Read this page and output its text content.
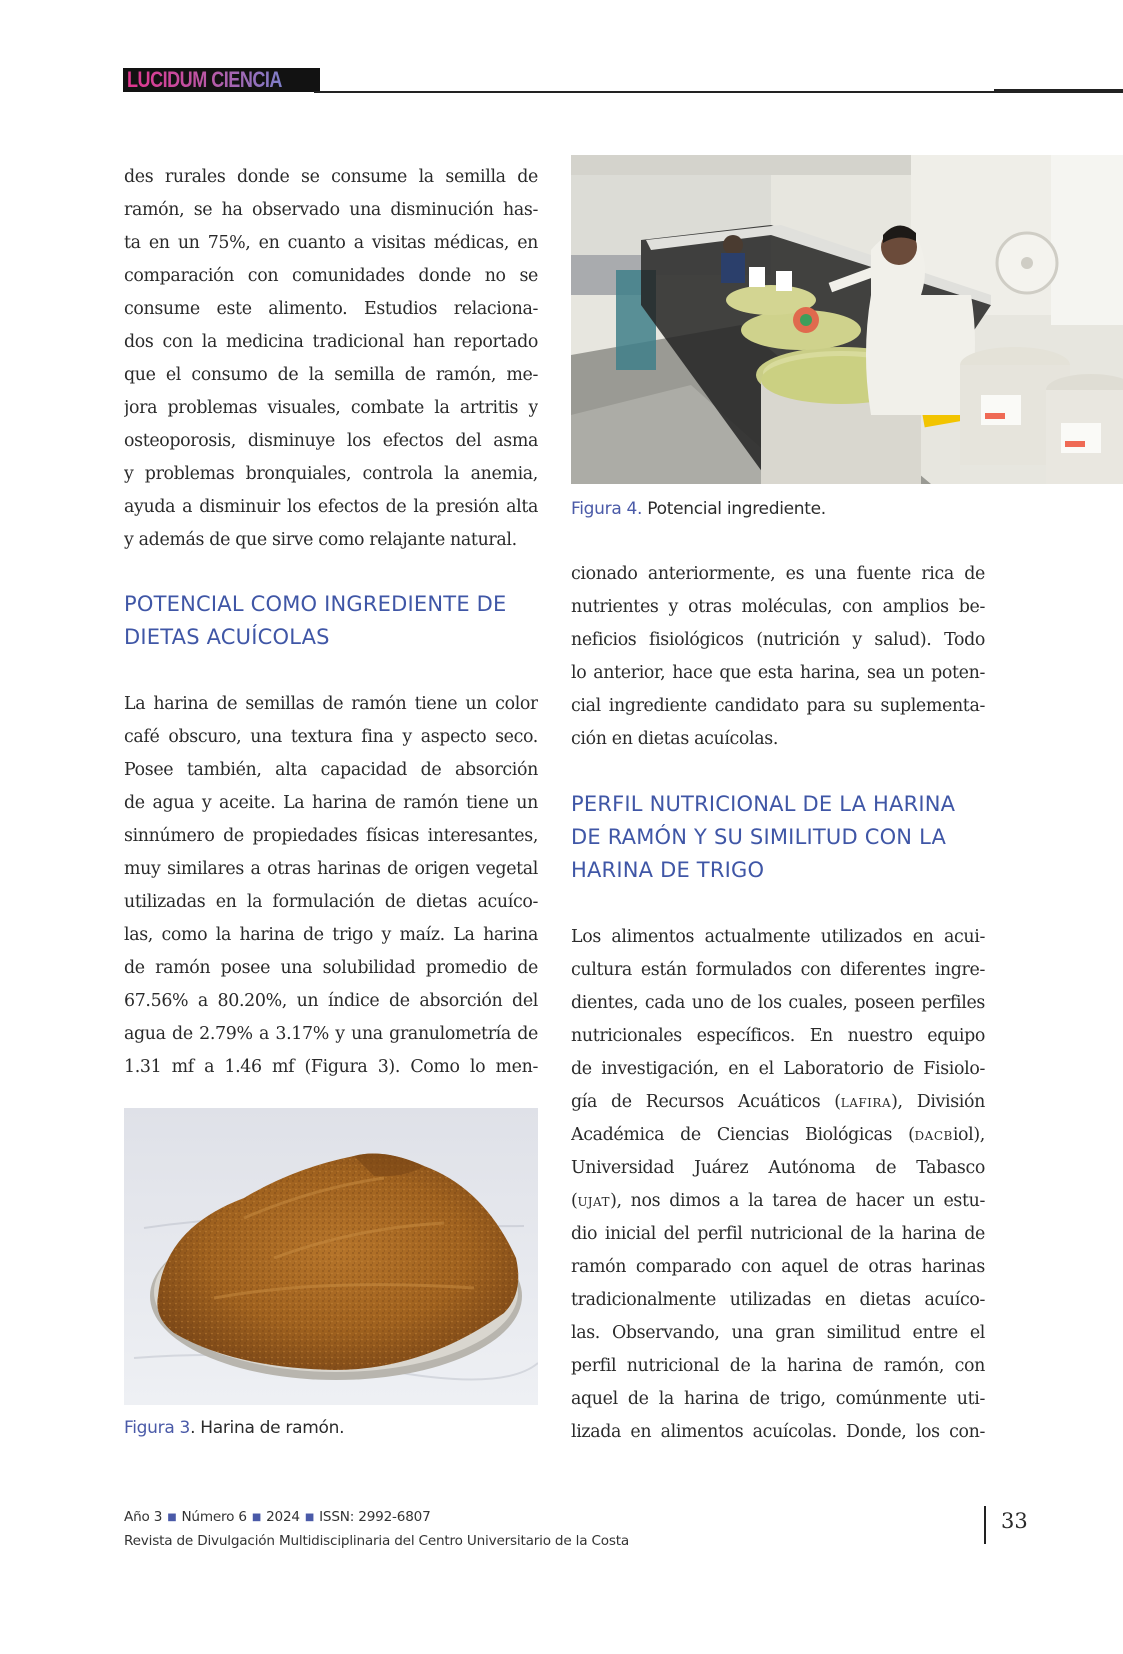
LUCIDUM CIENCIA

des rurales donde se consume la semilla de
ramón, se ha observado una disminución has-
ta en un 75%, en cuanto a visitas médicas, en
comparación con comunidades donde no se
consume este alimento. Estudios relaciona-
dos con la medicina tradicional han reportado
que el consumo de la semilla de ramón, me-
jora problemas visuales, combate la artritis y
osteoporosis, disminuye los efectos del asma
y problemas bronquiales, controla la anemia,
ayuda a disminuir los efectos de la presión alta
y además de que sirve como relajante natural.

POTENCIAL COMO INGREDIENTE DE
DIETAS ACUÍCOLAS

La harina de semillas de ramón tiene un color
café obscuro, una textura fina y aspecto seco.
Posee también, alta capacidad de absorción
de agua y aceite. La harina de ramón tiene un
sinnúmero de propiedades físicas interesantes,
muy similares a otras harinas de origen vegetal
utilizadas en la formulación de dietas acuíco-
las, como la harina de trigo y maíz. La harina
de ramón posee una solubilidad promedio de
67.56% a 80.20%, un índice de absorción del
agua de 2.79% a 3.17% y una granulometría de
1.31 mf a 1.46 mf (Figura 3). Como lo men-

Figura 3. Harina de ramón.
Figura 4. Potencial ingrediente.

cionado anteriormente, es una fuente rica de
nutrientes y otras moléculas, con amplios be-
neficios fisiológicos (nutrición y salud). Todo
lo anterior, hace que esta harina, sea un poten-
cial ingrediente candidato para su suplementa-
ción en dietas acuícolas.

PERFIL NUTRICIONAL DE LA HARINA
DE RAMÓN Y SU SIMILITUD CON LA
HARINA DE TRIGO

Los alimentos actualmente utilizados en acui-
cultura están formulados con diferentes ingre-
dientes, cada uno de los cuales, poseen perfiles
nutricionales específicos. En nuestro equipo
de investigación, en el Laboratorio de Fisiolo-
gía de Recursos Acuáticos (lafira), División
Académica de Ciencias Biológicas (dacbiol),
Universidad Juárez Autónoma de Tabasco
(ujat), nos dimos a la tarea de hacer un estu-
dio inicial del perfil nutricional de la harina de
ramón comparado con aquel de otras harinas
tradicionalmente utilizadas en dietas acuíco-
las. Observando, una gran similitud entre el
perfil nutricional de la harina de ramón, con
aquel de la harina de trigo, comúnmente uti-
lizada en alimentos acuícolas. Donde, los con-

Año 3 ■ Número 6 ■ 2024 ■ ISSN: 2992-6807
Revista de Divulgación Multidisciplinaria del Centro Universitario de la Costa
33
